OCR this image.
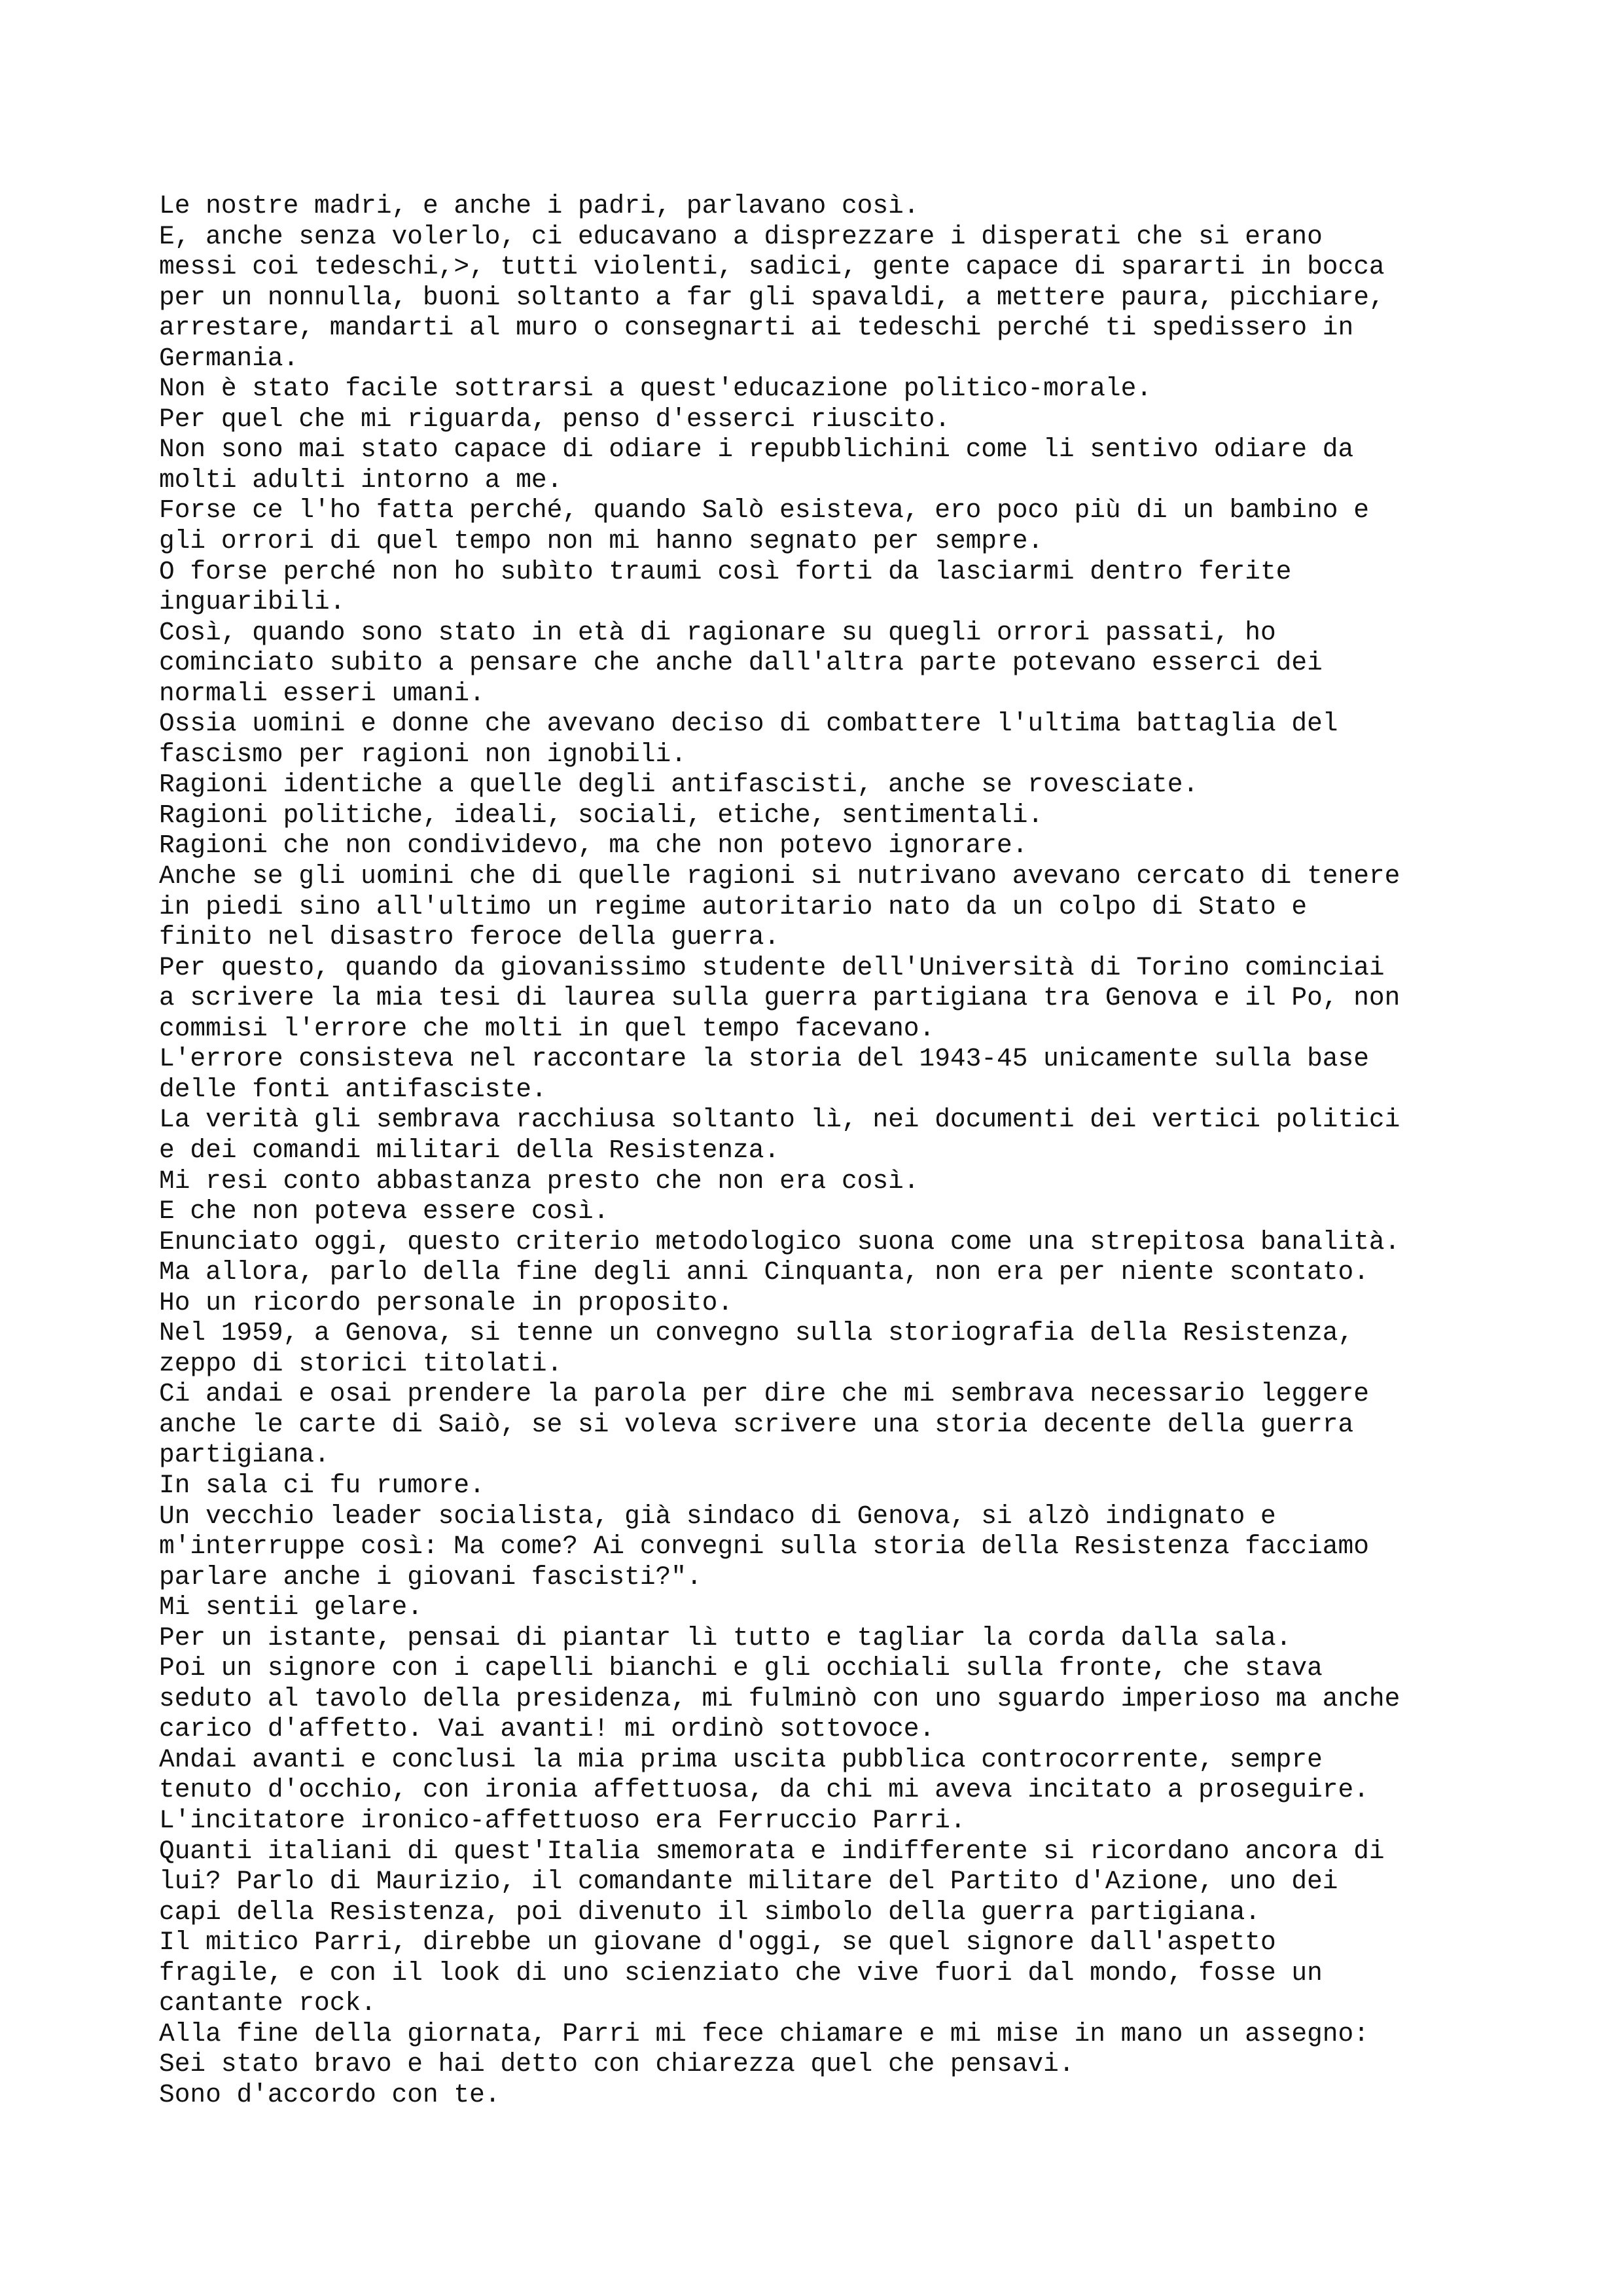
Le nostre madri, e anche i padri, parlavano così.
E, anche senza volerlo, ci educavano a disprezzare i disperati che si erano
messi coi tedeschi,>, tutti violenti, sadici, gente capace di spararti in bocca
per un nonnulla, buoni soltanto a far gli spavaldi, a mettere paura, picchiare,
arrestare, mandarti al muro o consegnarti ai tedeschi perché ti spedissero in
Germania.
Non è stato facile sottrarsi a quest'educazione politico-morale.
Per quel che mi riguarda, penso d'esserci riuscito.
Non sono mai stato capace di odiare i repubblichini come li sentivo odiare da
molti adulti intorno a me.
Forse ce l'ho fatta perché, quando Salò esisteva, ero poco più di un bambino e
gli orrori di quel tempo non mi hanno segnato per sempre.
O forse perché non ho subìto traumi così forti da lasciarmi dentro ferite
inguaribili.
Così, quando sono stato in età di ragionare su quegli orrori passati, ho
cominciato subito a pensare che anche dall'altra parte potevano esserci dei
normali esseri umani.
Ossia uomini e donne che avevano deciso di combattere l'ultima battaglia del
fascismo per ragioni non ignobili.
Ragioni identiche a quelle degli antifascisti, anche se rovesciate.
Ragioni politiche, ideali, sociali, etiche, sentimentali.
Ragioni che non condividevo, ma che non potevo ignorare.
Anche se gli uomini che di quelle ragioni si nutrivano avevano cercato di tenere
in piedi sino all'ultimo un regime autoritario nato da un colpo di Stato e
finito nel disastro feroce della guerra.
Per questo, quando da giovanissimo studente dell'Università di Torino cominciai
a scrivere la mia tesi di laurea sulla guerra partigiana tra Genova e il Po, non
commisi l'errore che molti in quel tempo facevano.
L'errore consisteva nel raccontare la storia del 1943-45 unicamente sulla base
delle fonti antifasciste.
La verità gli sembrava racchiusa soltanto lì, nei documenti dei vertici politici
e dei comandi militari della Resistenza.
Mi resi conto abbastanza presto che non era così.
E che non poteva essere così.
Enunciato oggi, questo criterio metodologico suona come una strepitosa banalità.
Ma allora, parlo della fine degli anni Cinquanta, non era per niente scontato.
Ho un ricordo personale in proposito.
Nel 1959, a Genova, si tenne un convegno sulla storiografia della Resistenza,
zeppo di storici titolati.
Ci andai e osai prendere la parola per dire che mi sembrava necessario leggere
anche le carte di Saiò, se si voleva scrivere una storia decente della guerra
partigiana.
In sala ci fu rumore.
Un vecchio leader socialista, già sindaco di Genova, si alzò indignato e
m'interruppe così: Ma come? Ai convegni sulla storia della Resistenza facciamo
parlare anche i giovani fascisti?".
Mi sentii gelare.
Per un istante, pensai di piantar lì tutto e tagliar la corda dalla sala.
Poi un signore con i capelli bianchi e gli occhiali sulla fronte, che stava
seduto al tavolo della presidenza, mi fulminò con uno sguardo imperioso ma anche
carico d'affetto. Vai avanti! mi ordinò sottovoce.
Andai avanti e conclusi la mia prima uscita pubblica controcorrente, sempre
tenuto d'occhio, con ironia affettuosa, da chi mi aveva incitato a proseguire.
L'incitatore ironico-affettuoso era Ferruccio Parri.
Quanti italiani di quest'Italia smemorata e indifferente si ricordano ancora di
lui? Parlo di Maurizio, il comandante militare del Partito d'Azione, uno dei
capi della Resistenza, poi divenuto il simbolo della guerra partigiana.
Il mitico Parri, direbbe un giovane d'oggi, se quel signore dall'aspetto
fragile, e con il look di uno scienziato che vive fuori dal mondo, fosse un
cantante rock.
Alla fine della giornata, Parri mi fece chiamare e mi mise in mano un assegno:
Sei stato bravo e hai detto con chiarezza quel che pensavi.
Sono d'accordo con te.
